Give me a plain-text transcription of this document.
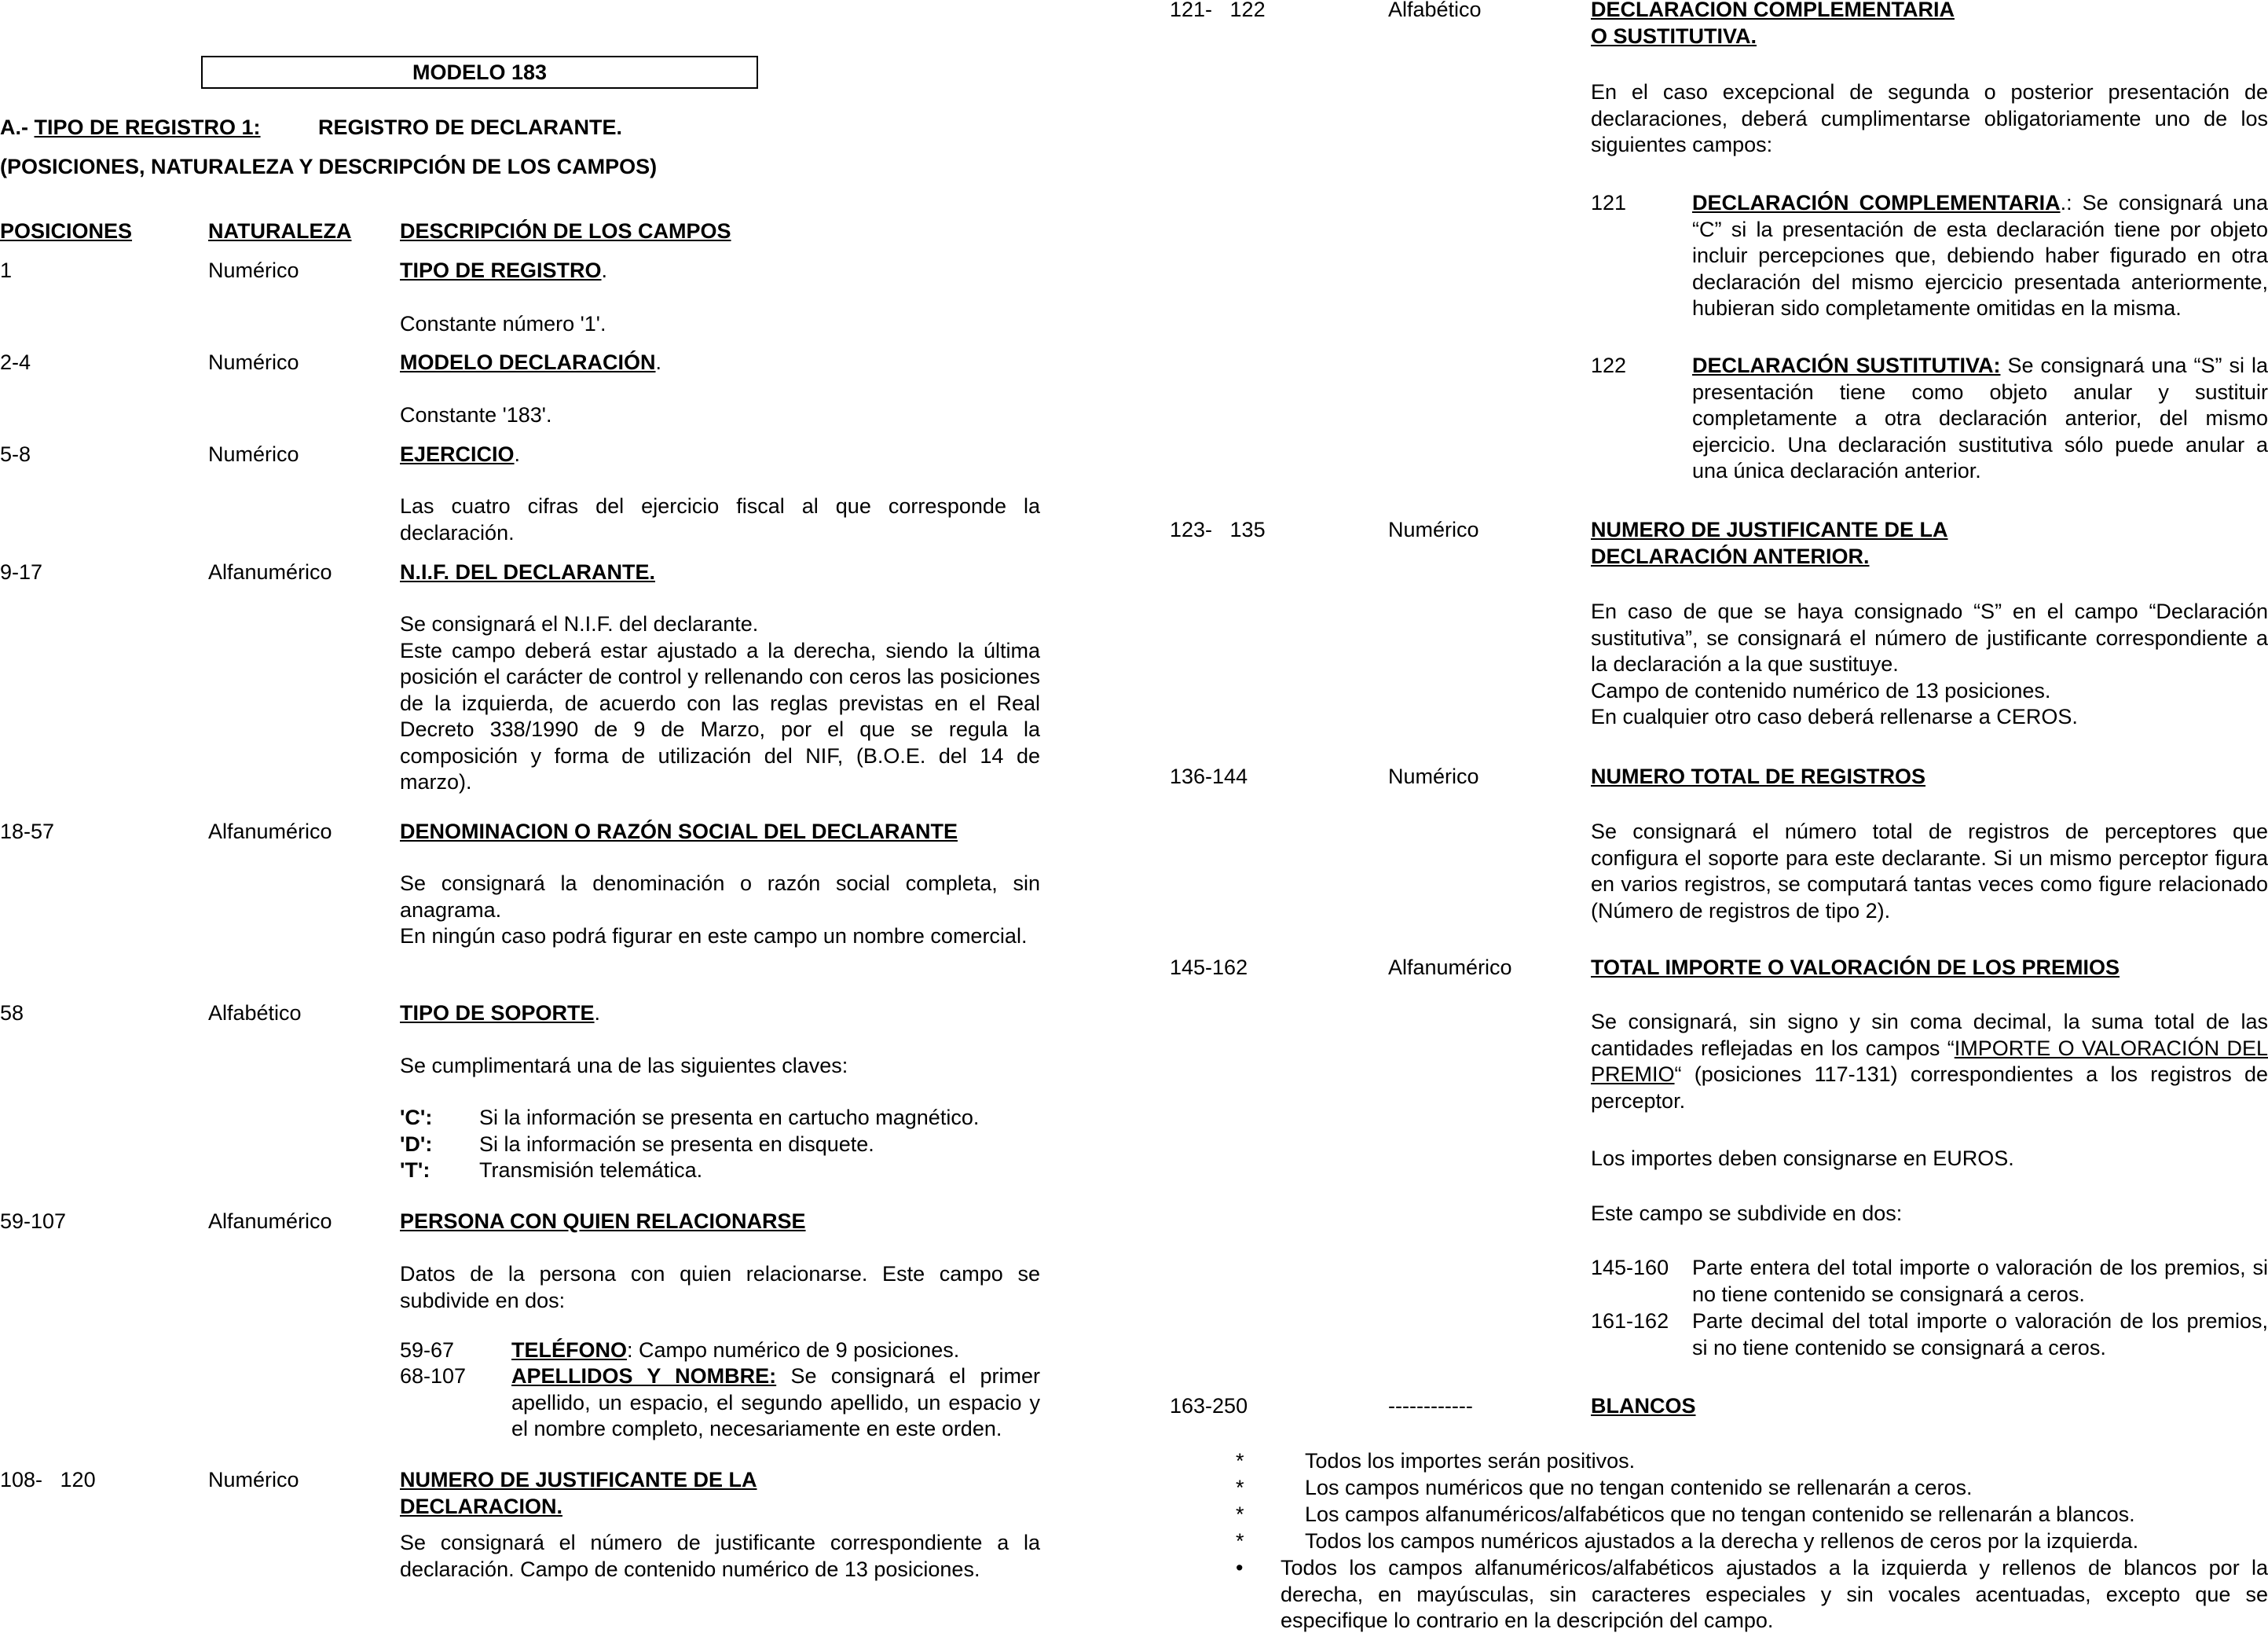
MODELO 183
A.- TIPO DE REGISTRO 1:	REGISTRO DE DECLARANTE.
(POSICIONES, NATURALEZA Y DESCRIPCIÓN DE LOS CAMPOS)
POSICIONES	NATURALEZA DESCRIPCIÓN DE LOS CAMPOS
1	Numérico	TIPO DE REGISTRO.
Constante número '1'.
2-4	Numérico	MODELO DECLARACIÓN.
Constante '183'.
5-8	Numérico	EJERCICIO.
Las cuatro cifras del ejercicio fiscal al que corresponde la declaración.
9-17	Alfanumérico	N.I.F. DEL DECLARANTE.

Se consignará el N.I.F. del declarante.

Este campo deberá estar ajustado a la derecha, siendo la última posición el carácter de control y rellenando con ceros las posiciones de la izquierda, de acuerdo con las reglas previstas en el Real Decreto 338/1990 de 9 de Marzo, por el que se regula la composición y forma de utilización del NIF, (B.O.E. del 14 de marzo).

18-57	Alfanumérico	DENOMINACION O RAZÓN SOCIAL DEL DECLARANTE

Se consignará la denominación o razón social completa, sin anagrama.

En ningún caso podrá figurar en este campo un nombre comercial.

58	Alfabético	TIPO DE SOPORTE.
Se cumplimentará una de las siguientes claves:
'C': Si la información se presenta en cartucho magnético.
'D': Si la información se presenta en disquete.
'T': Transmisión telemática.
59-107	Alfanumérico	PERSONA CON QUIEN RELACIONARSE
Datos de la persona con quien relacionarse. Este campo se subdivide en dos:
59-67	TELÉFONO: Campo numérico de 9 posiciones.
68-107 APELLIDOS Y NOMBRE: Se consignará el primer apellido, un espacio, el segundo apellido, un espacio y el nombre completo, necesariamente en este orden.
108-   120	Numérico	NUMERO DE JUSTIFICANTE DE LA

DECLARACION.

Se consignará el número de justificante correspondiente a la declaración. Campo de contenido numérico de 13 posiciones.
121-   122	Alfabético	DECLARACION COMPLEMENTARIA

O SUSTITUTIVA.

En el caso excepcional de segunda o posterior presentación de declaraciones, deberá cumplimentarse obligatoriamente uno de los siguientes campos:
121	DECLARACIÓN COMPLEMENTARIA.: Se consignará una “C” si la presentación de esta declaración tiene por objeto incluir percepciones que, debiendo haber figurado en otra declaración del mismo ejercicio presentada anteriormente, hubieran sido completamente omitidas en la misma.
122	DECLARACIÓN SUSTITUTIVA: Se consignará una “S” si la presentación tiene como objeto anular y sustituir completamente a otra declaración anterior, del mismo ejercicio. Una declaración sustitutiva sólo puede anular a una única declaración anterior.
123-   135	Numérico	NUMERO DE JUSTIFICANTE DE LA

DECLARACIÓN ANTERIOR.

En caso de que se haya consignado “S” en el campo “Declaración sustitutiva”, se consignará el número de justificante correspondiente a la declaración a la que sustituye.

Campo de contenido numérico de 13 posiciones.

En cualquier otro caso deberá rellenarse a CEROS.

136-144	Numérico	NUMERO TOTAL DE REGISTROS
Se consignará el número total de registros de perceptores que configura el soporte para este declarante. Si un mismo perceptor figura en varios registros, se computará tantas veces como figure relacionado (Número de registros de tipo 2).
145-162	Alfanumérico	TOTAL IMPORTE O VALORACIÓN DE LOS PREMIOS
Se consignará, sin signo y sin coma decimal, la suma total de las cantidades reflejadas en los campos “IMPORTE O VALORACIÓN DEL PREMIO“ (posiciones 117-131) correspondientes a los registros de perceptor.
Los importes deben consignarse en EUROS.
Este campo se subdivide en dos:
145-160 Parte entera del total importe o valoración de los premios, si no tiene contenido se consignará a ceros.
161-162 Parte decimal del total importe o valoración de los premios, si no tiene contenido se consignará a ceros.
163-250	------------	BLANCOS
*	Todos los importes serán positivos.
*	Los campos numéricos que no tengan contenido se rellenarán a ceros.
*	Los campos alfanuméricos/alfabéticos que no tengan contenido se rellenarán a blancos.
*	Todos los campos numéricos ajustados a la derecha y rellenos de ceros por la izquierda.
• Todos los campos alfanuméricos/alfabéticos ajustados a la izquierda y rellenos de blancos por la derecha, en mayúsculas, sin caracteres especiales y sin vocales acentuadas, excepto que se especifique lo contrario en la descripción del campo.
